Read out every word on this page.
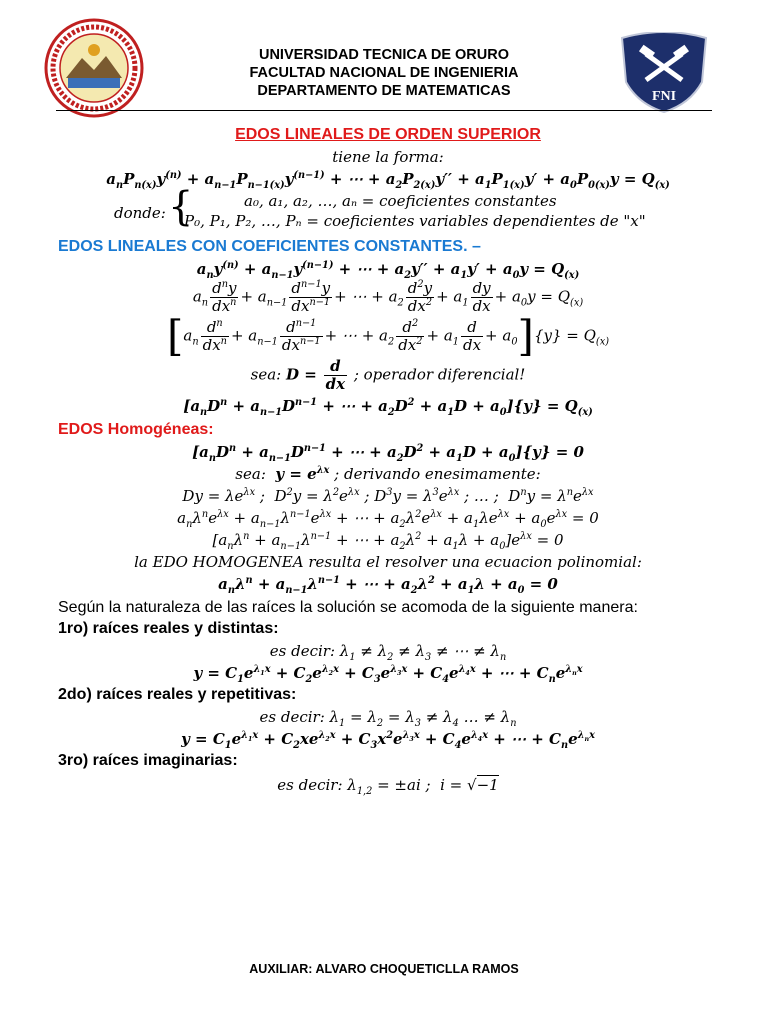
UNIVERSIDAD TECNICA DE ORURO
FACULTAD NACIONAL DE INGENIERIA
DEPARTAMENTO DE MATEMATICAS	FNI
EDOS LINEALES DE ORDEN SUPERIOR
tiene la forma:
$a_nP_{n(x)}y^{(n)} + a_{n-1}P_{n-1(x)}y^{(n-1)}$ + ⋯ + $a_2P_{2(x)}y'' + a_1P_{1(x)}y' + a_0P_{0(x)}y = Q_{(x)}$
donde: {	a₀, a₁, a₂, …, aₙ = coeficientes constantes
P₀, P₁, P₂, …, Pₙ = coeficientes variables dependientes de "x"
EDOS LINEALES CON COEFICIENTES CONSTANTES. –
$a_ny^{(n)} + a_{n-1}y^{(n-1)}$ + ⋯ + $a_2y'' + a_1y' + a_0y = Q_{(x)}$
$a_n \frac{d^ny}{dx^n} + a_{n-1} \frac{d^{n-1}y}{dx^{n-1}}$ + ⋯ + $a_2 \frac{d^2y}{dx^2} + a_1 \frac{dy}{dx} + a_0y = Q_{(x)}$
[$a_n \frac{d^n}{dx^n} + a_{n-1} \frac{d^{n-1}}{dx^{n-1}}$ + ⋯ + $a_2 \frac{d^2}{dx^2} + a_1 \frac{d}{dx} + a_0]\{y\} = Q_{(x)}$
sea: $D = \frac{d}{dx}$ ; operador diferencial!
[$a_nD^n + a_{n-1}D^{n-1}$ + ⋯ + $a_2D^2 + a_1D + a_0]\{y\} = Q_{(x)}$
EDOS Homogéneas:
[$a_nD^n + a_{n-1}D^{n-1}$ + ⋯ + $a_2D^2 + a_1D + a_0]\{y\} = 0$
sea: $y = e^{\lambda x}$ ; derivando enesimamente:
$Dy = \lambda e^{\lambda x}$ ;  $D^2y = \lambda^2e^{\lambda x}$ ; $D^3y = \lambda^3e^{\lambda x}$ ; … ;  $D^ny = \lambda^ne^{\lambda x}$
$a_n\lambda^ne^{\lambda x} + a_{n-1}\lambda^{n-1}e^{\lambda x}$ + ⋯ + $a_2\lambda^2e^{\lambda x} + a_1\lambda e^{\lambda x} + a_0e^{\lambda x} = 0$
[$a_n\lambda^n + a_{n-1}\lambda^{n-1}$ + ⋯ + $a_2\lambda^2 + a_1\lambda + a_0]e^{\lambda x} = 0$
la EDO HOMOGENEA resulta el resolver una ecuacion polinomial:
$a_n\lambda^n + a_{n-1}\lambda^{n-1}$ + ⋯ + $a_2\lambda^2 + a_1\lambda + a_0 = 0$
Según la naturaleza de las raíces la solución se acomoda de la siguiente manera:
1ro) raíces reales y distintas:
es decir: $\lambda_1 \ne \lambda_2 \ne \lambda_3$ ≠ ⋯ ≠ $\lambda_n$
$y = C_1e^{\lambda_1x} + C_2e^{\lambda_2x} + C_3e^{\lambda_3x} + C_4e^{\lambda_4x}$ + ⋯ + $C_ne^{\lambda_nx}$
2do) raíces reales y repetitivas:
es decir: $\lambda_1 = \lambda_2 = \lambda_3 \ne \lambda_4$ … ≠ $\lambda_n$
$y = C_1e^{\lambda_1x} + C_2xe^{\lambda_2x} + C_3x^2e^{\lambda_3x} + C_4e^{\lambda_4x}$ + ⋯ + $C_ne^{\lambda_nx}$
3ro) raíces imaginarias:
es decir: $\lambda_{1,2} = \pm ai$ ;  i = √−1
AUXILIAR: ALVARO CHOQUETICLLA RAMOS
